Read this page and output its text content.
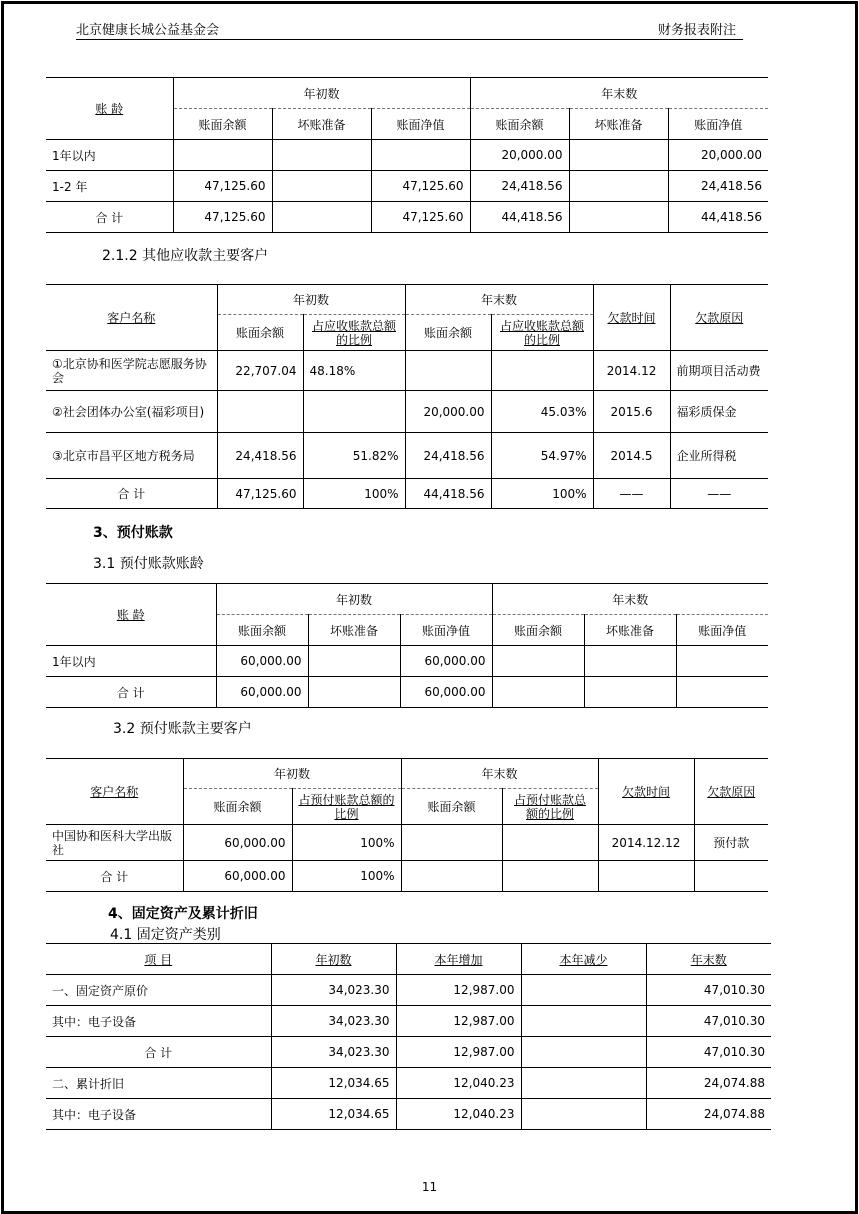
北京健康长城公益基金会	财务报表附注
账 龄	年初数			年末数		
	账面余额	坏账准备	账面净值	账面余额	坏账准备	账面净值
1年以内				20,000.00		20,000.00
1-2 年	47,125.60		47,125.60	24,418.56		24,418.56
合 计	47,125.60		47,125.60	44,418.56		44,418.56
2.1.2 其他应收款主要客户
客户名称	年初数		年末数		欠款时间	欠款原因
	账面余额	占应收账款总额的比例	账面余额	占应收账款总额的比例		
①北京协和医学院志愿服务协会	22,707.04	48.18%			2014.12	前期项目活动费
②社会团体办公室(福彩项目)			20,000.00	45.03%	2015.6	福彩质保金
③北京市昌平区地方税务局	24,418.56	51.82%	24,418.56	54.97%	2014.5	企业所得税
合 计	47,125.60	100%	44,418.56	100%	——	——
3、预付账款
3.1 预付账款账龄
账 龄	年初数			年末数		
	账面余额	坏账准备	账面净值	账面余额	坏账准备	账面净值
1年以内	60,000.00		60,000.00			
合 计	60,000.00		60,000.00			
3.2 预付账款主要客户
客户名称	年初数		年末数		欠款时间	欠款原因
	账面余额	占预付账款总额的比例	账面余额	占预付账款总额的比例		
中国协和医科大学出版社	60,000.00	100%			2014.12.12	预付款
合 计	60,000.00	100%				
4、固定资产及累计折旧
4.1 固定资产类别
项 目	年初数	本年增加	本年减少	年末数
一、固定资产原价	34,023.30	12,987.00		47,010.30
其中：电子设备	34,023.30	12,987.00		47,010.30
合 计	34,023.30	12,987.00		47,010.30
二、累计折旧	12,034.65	12,040.23		24,074.88
其中：电子设备	12,034.65	12,040.23		24,074.88
11
